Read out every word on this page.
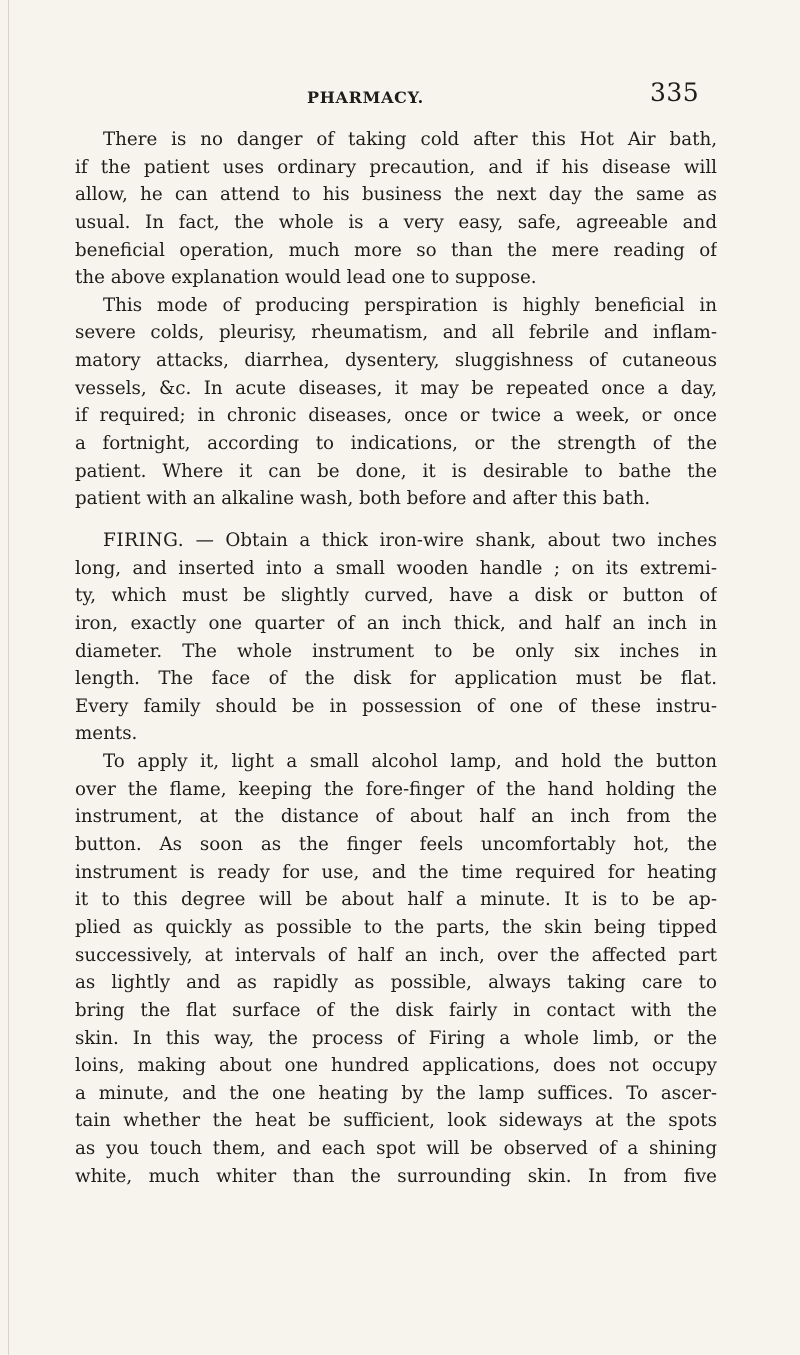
PHARMACY.	335
There is no danger of taking cold after this Hot Air bath,
if the patient uses ordinary precaution, and if his disease will
allow, he can attend to his business the next day the same as
usual. In fact, the whole is a very easy, safe, agreeable and
beneficial operation, much more so than the mere reading of
the above explanation would lead one to suppose.
This mode of producing perspiration is highly beneficial in
severe colds, pleurisy, rheumatism, and all febrile and inflam-
matory attacks, diarrhea, dysentery, sluggishness of cutaneous
vessels, &c. In acute diseases, it may be repeated once a day,
if required; in chronic diseases, once or twice a week, or once
a fortnight, according to indications, or the strength of the
patient. Where it can be done, it is desirable to bathe the
patient with an alkaline wash, both before and after this bath.
FIRING. — Obtain a thick iron-wire shank, about two inches
long, and inserted into a small wooden handle ; on its extremi-
ty, which must be slightly curved, have a disk or button of
iron, exactly one quarter of an inch thick, and half an inch in
diameter. The whole instrument to be only six inches in
length. The face of the disk for application must be flat.
Every family should be in possession of one of these instru-
ments.
To apply it, light a small alcohol lamp, and hold the button
over the flame, keeping the fore-finger of the hand holding the
instrument, at the distance of about half an inch from the
button. As soon as the finger feels uncomfortably hot, the
instrument is ready for use, and the time required for heating
it to this degree will be about half a minute. It is to be ap-
plied as quickly as possible to the parts, the skin being tipped
successively, at intervals of half an inch, over the affected part
as lightly and as rapidly as possible, always taking care to
bring the flat surface of the disk fairly in contact with the
skin. In this way, the process of Firing a whole limb, or the
loins, making about one hundred applications, does not occupy
a minute, and the one heating by the lamp suffices. To ascer-
tain whether the heat be sufficient, look sideways at the spots
as you touch them, and each spot will be observed of a shining
white, much whiter than the surrounding skin. In from five
